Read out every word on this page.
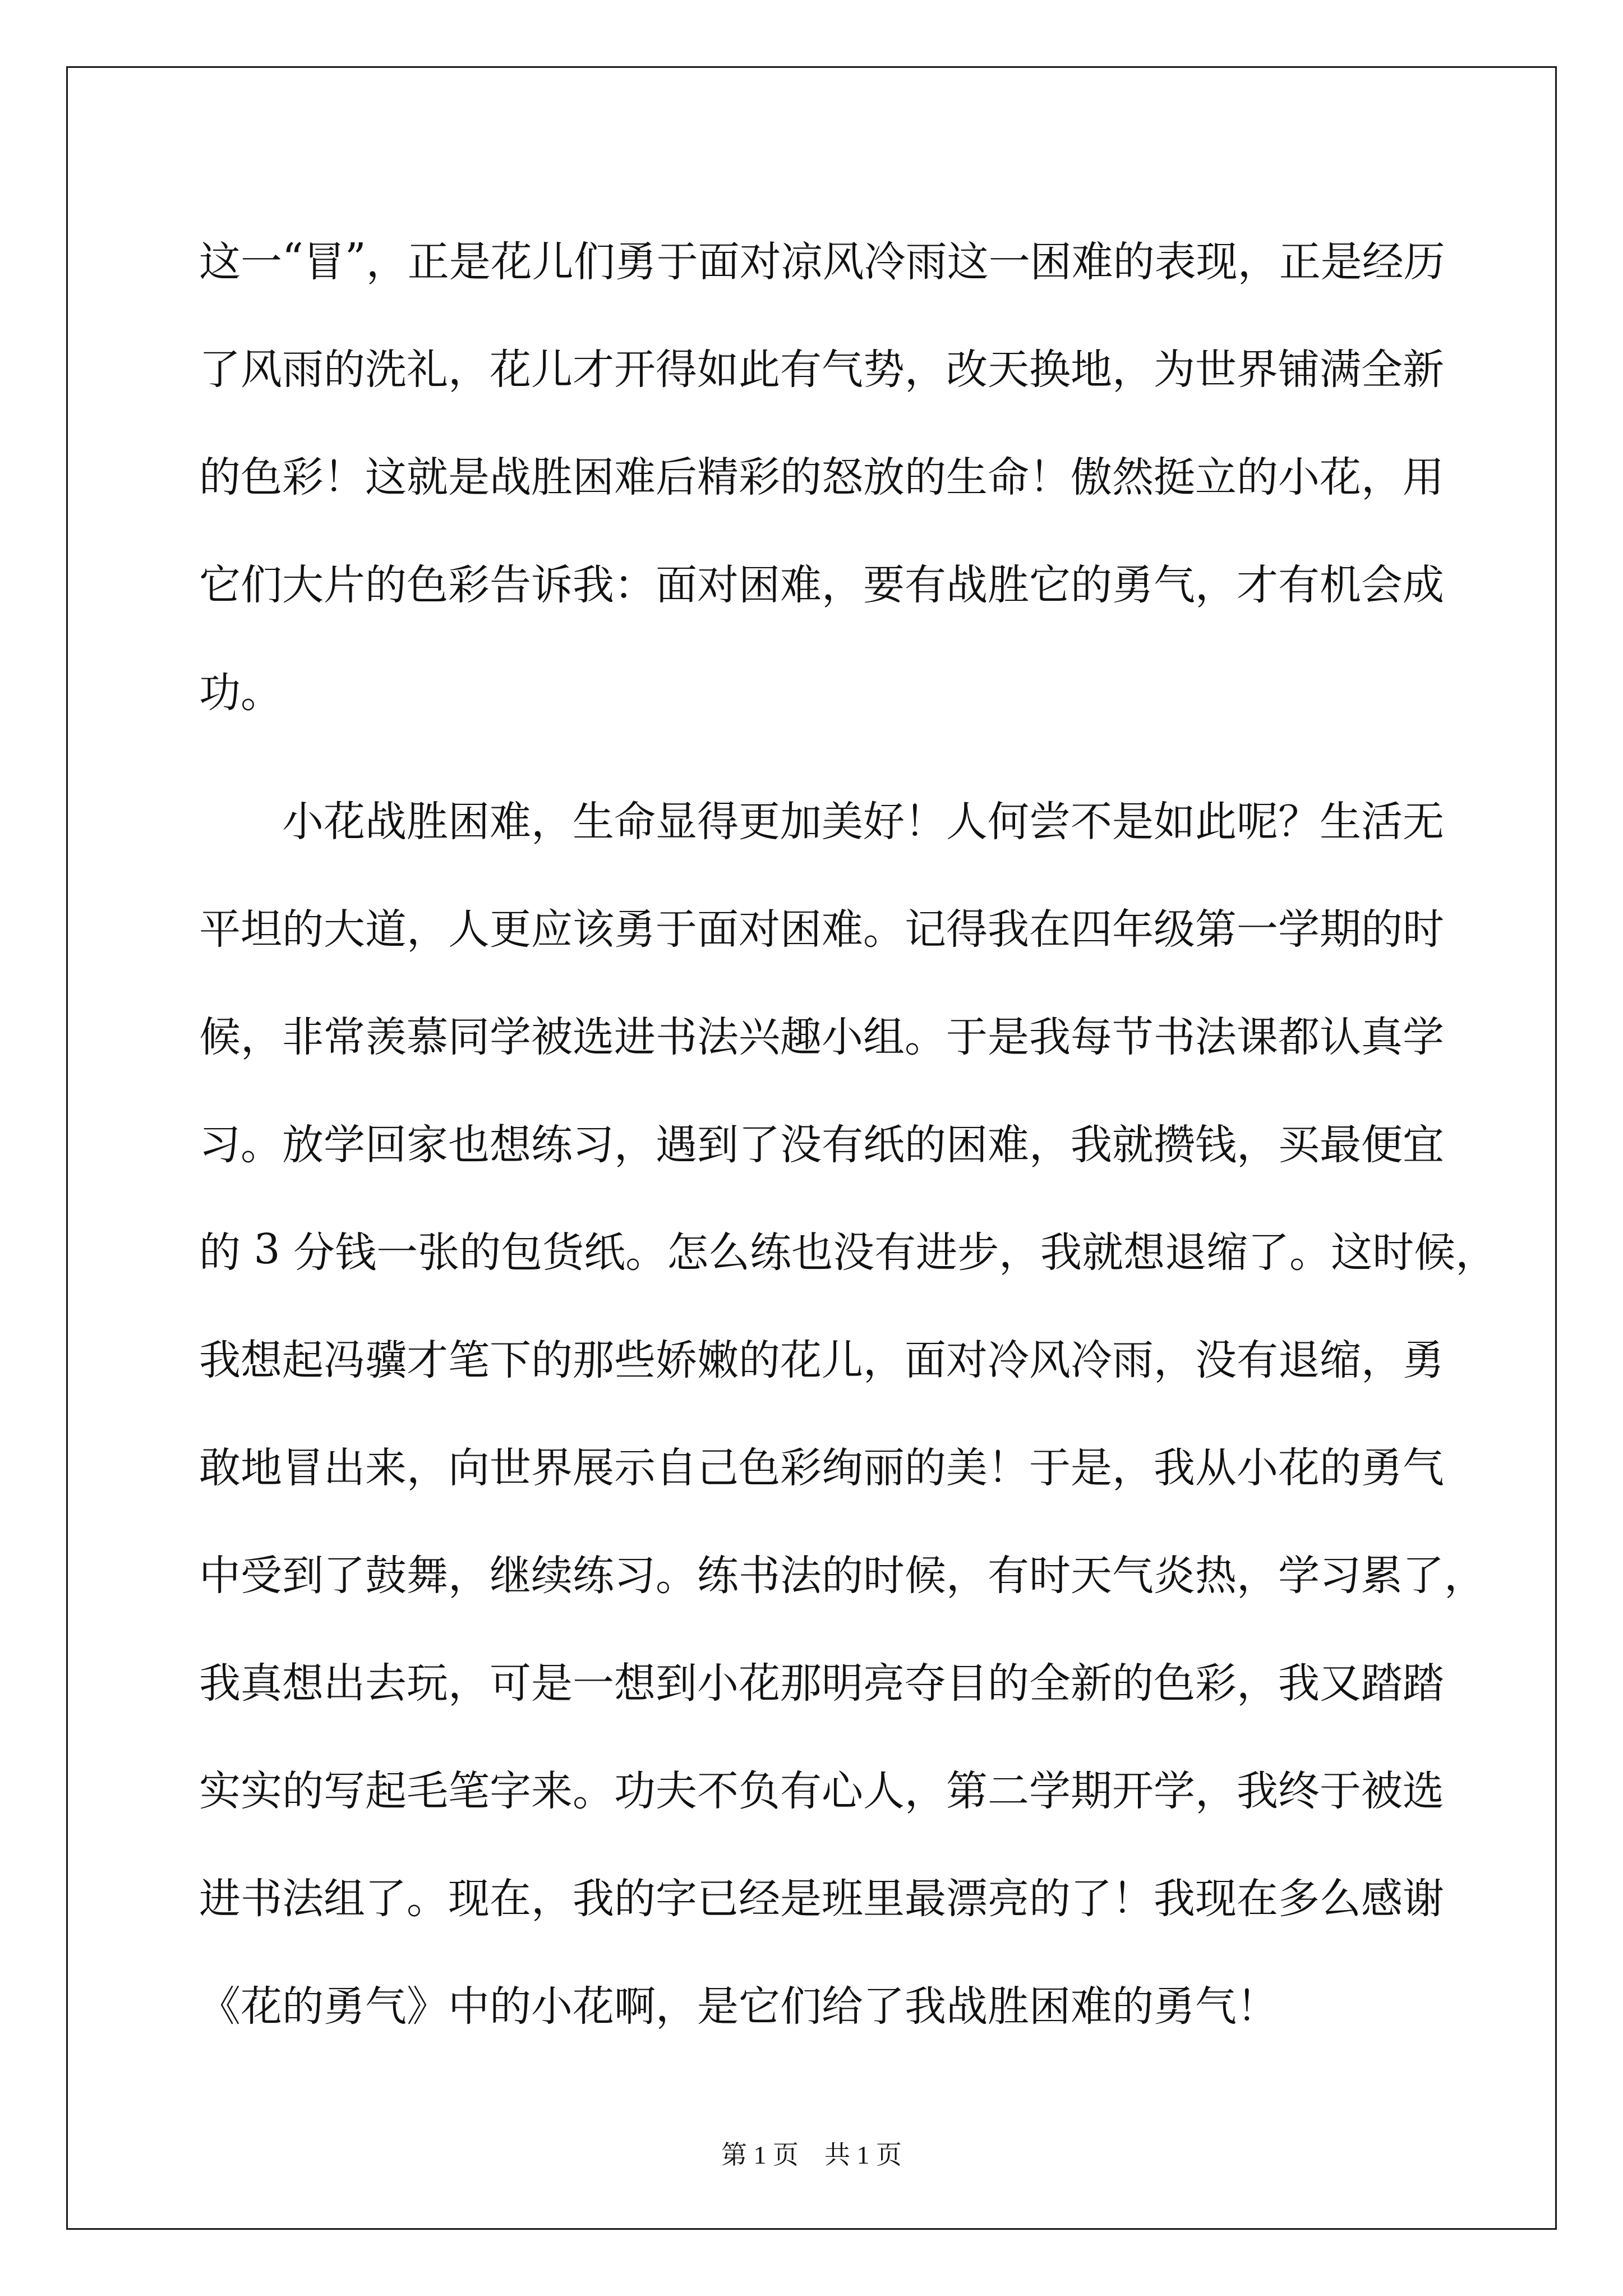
这 一 “ 冒 ” ， 正 是 花 儿 们 勇 于 面 对 凉 风 冷 雨 这 一 困 难 的 表 现 ， 正 是 经 历
了 风 雨 的 洗 礼 ， 花 儿 才 开 得 如 此 有 气 势 ， 改 天 换 地 ， 为 世 界 铺 满 全 新
的 色 彩 ！ 这 就 是 战 胜 困 难 后 精 彩 的 怒 放 的 生 命 ！ 傲 然 挺 立 的 小 花 ， 用
它 们 大 片 的 色 彩 告 诉 我 ： 面 对 困 难 ， 要 有 战 胜 它 的 勇 气 ， 才 有 机 会 成
功。
小 花 战 胜 困 难 ， 生 命 显 得 更 加 美 好 ！ 人 何 尝 不 是 如 此 呢 ？ 生 活 无
平 坦 的 大 道 ， 人 更 应 该 勇 于 面 对 困 难 。 记 得 我 在 四 年 级 第 一 学 期 的 时
候 ， 非 常 羡 慕 同 学 被 选 进 书 法 兴 趣 小 组 。 于 是 我 每 节 书 法 课 都 认 真 学
习 。 放 学 回 家 也 想 练 习 ， 遇 到 了 没 有 纸 的 困 难 ， 我 就 攒 钱 ， 买 最 便 宜
的
3
分 钱 一 张 的 包 货 纸 。 怎 么 练 也 没 有 进 步 ， 我 就 想 退 缩 了 。 这 时 候 ，
我 想 起 冯 骥 才 笔 下 的 那 些 娇 嫩 的 花 儿 ， 面 对 冷 风 冷 雨 ， 没 有 退 缩 ， 勇
敢 地 冒 出 来 ， 向 世 界 展 示 自 己 色 彩 绚 丽 的 美 ！ 于 是 ， 我 从 小 花 的 勇 气
中 受 到 了 鼓 舞 ， 继 续 练 习 。 练 书 法 的 时 候 ， 有 时 天 气 炎 热 ， 学 习 累 了 ，
我 真 想 出 去 玩 ， 可 是 一 想 到 小 花 那 明 亮 夺 目 的 全 新 的 色 彩 ， 我 又 踏 踏
实 实 的 写 起 毛 笔 字 来 。 功 夫 不 负 有 心 人 ， 第 二 学 期 开 学 ， 我 终 于 被 选
进 书 法 组 了 。 现 在 ， 我 的 字 已 经 是 班 里 最 漂 亮 的 了 ！ 我 现 在 多 么 感 谢
《花的勇气》中的小花啊，是它们给了我战胜困难的勇气！
第 1 页　共 1 页
